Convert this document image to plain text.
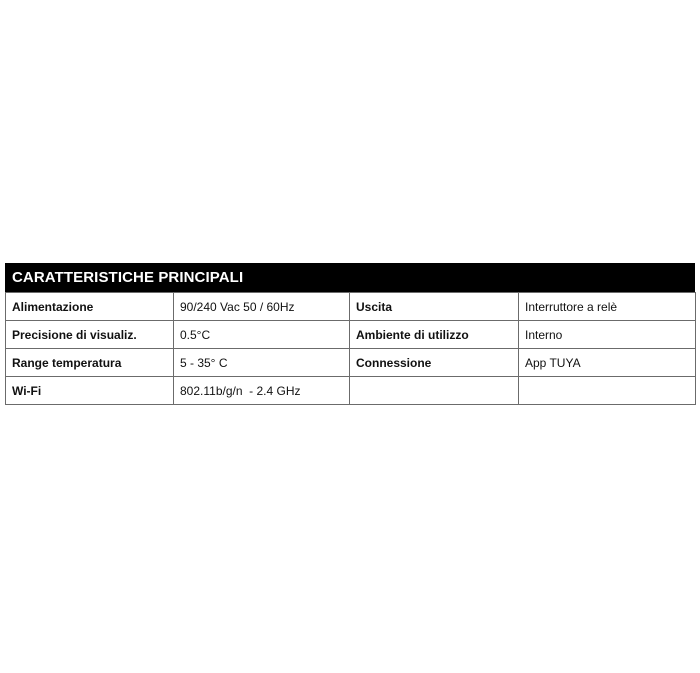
CARATTERISTICHE PRINCIPALI
Alimentazione	90/240 Vac 50 / 60Hz	Uscita	Interruttore a relè
Precisione di visualiz.	0.5°C	Ambiente di utilizzo	Interno
Range temperatura	5 - 35° C	Connessione	App TUYA
Wi-Fi	802.11b/g/n  - 2.4 GHz		
